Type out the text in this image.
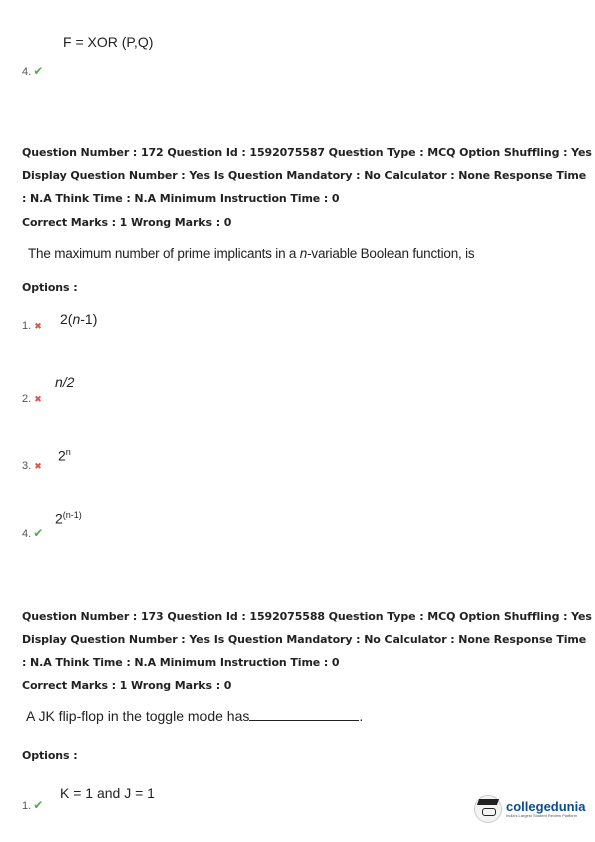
F = XOR (P,Q)
4. ✔
Question Number : 172 Question Id : 1592075587 Question Type : MCQ Option Shuffling : Yes
Display Question Number : Yes Is Question Mandatory : No Calculator : None Response Time
: N.A Think Time : N.A Minimum Instruction Time : 0
Correct Marks : 1 Wrong Marks : 0
The maximum number of prime implicants in a n-variable Boolean function, is
Options :
1. ✖ 2(n-1)
n/2
2. ✖
2$^n$
3. ✖
2$^{(n-1)}$
4. ✔
Question Number : 173 Question Id : 1592075588 Question Type : MCQ Option Shuffling : Yes
Display Question Number : Yes Is Question Mandatory : No Calculator : None Response Time
: N.A Think Time : N.A Minimum Instruction Time : 0
Correct Marks : 1 Wrong Marks : 0
A JK flip-flop in the toggle mode has	.
Options :
K = 1 and J = 1
1. ✔	collegedunia
India's Largest Student Review Platform
